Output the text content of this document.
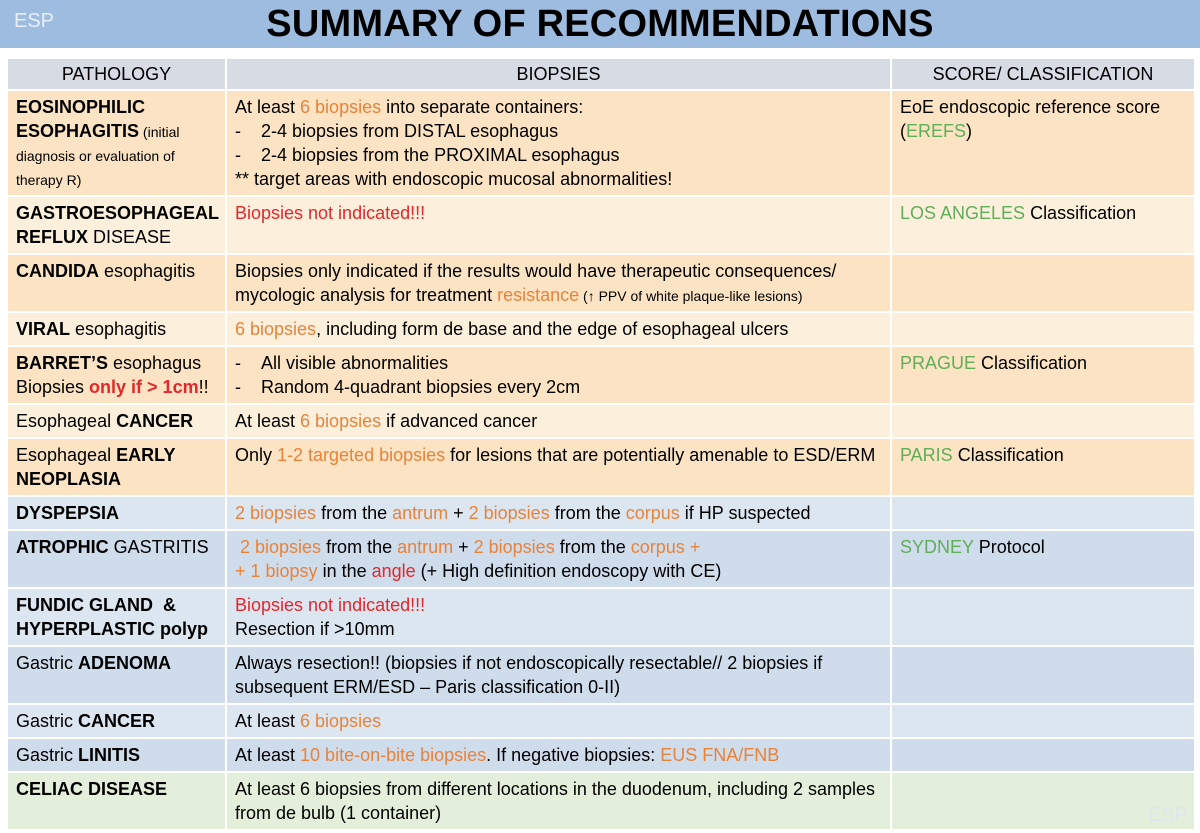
ESP	SUMMARY OF RECOMMENDATIONS
PATHOLOGY	BIOPSIES	SCORE/ CLASSIFICATION

EOSINOPHILIC
ESOPHAGITIS (initial diagnosis or evaluation of therapy R)	At least 6 biopsies into separate containers:
- 2-4 biopsies from DISTAL esophagus
- 2-4 biopsies from the PROXIMAL esophagus
** target areas with endoscopic mucosal abnormalities!	EoE endoscopic reference score (EREFS)

GASTROESOPHAGEAL
REFLUX DISEASE	Biopsies not indicated!!!	LOS ANGELES Classification
CANDIDA esophagitis	Biopsies only indicated if the results would have therapeutic consequences/
mycologic analysis for treatment resistance (↑ PPV of white plaque-like lesions)	

VIRAL esophagitis	6 biopsies, including form de base and the edge of esophageal ulcers	

BARRET’S esophagus
Biopsies only if > 1cm!!	- All visible abnormalities
- Random 4-quadrant biopsies every 2cm	PRAGUE Classification
Esophageal CANCER	At least 6 biopsies if advanced cancer	

Esophageal EARLY
NEOPLASIA	Only 1-2 targeted biopsies for lesions that are potentially amenable to ESD/ERM	PARIS Classification
DYSPEPSIA	2 biopsies from the antrum + 2 biopsies from the corpus if HP suspected	
ATROPHIC GASTRITIS	2 biopsies from the antrum + 2 biopsies from the corpus +
+ 1 biopsy in the angle (+ High definition endoscopy with CE)	SYDNEY Protocol

FUNDIC GLAND  &
HYPERPLASTIC polyp	Biopsies not indicated!!!
Resection if >10mm	

Gastric ADENOMA	Always resection!! (biopsies if not endoscopically resectable// 2 biopsies if subsequent ERM/ESD – Paris classification 0-II)	
Gastric CANCER	At least 6 biopsies	
Gastric LINITIS	At least 10 bite-on-bite biopsies. If negative biopsies: EUS FNA/FNB	
CELIAC DISEASE	At least 6 biopsies from different locations in the duodenum, including 2 samples from de bulb (1 container)		ESP
